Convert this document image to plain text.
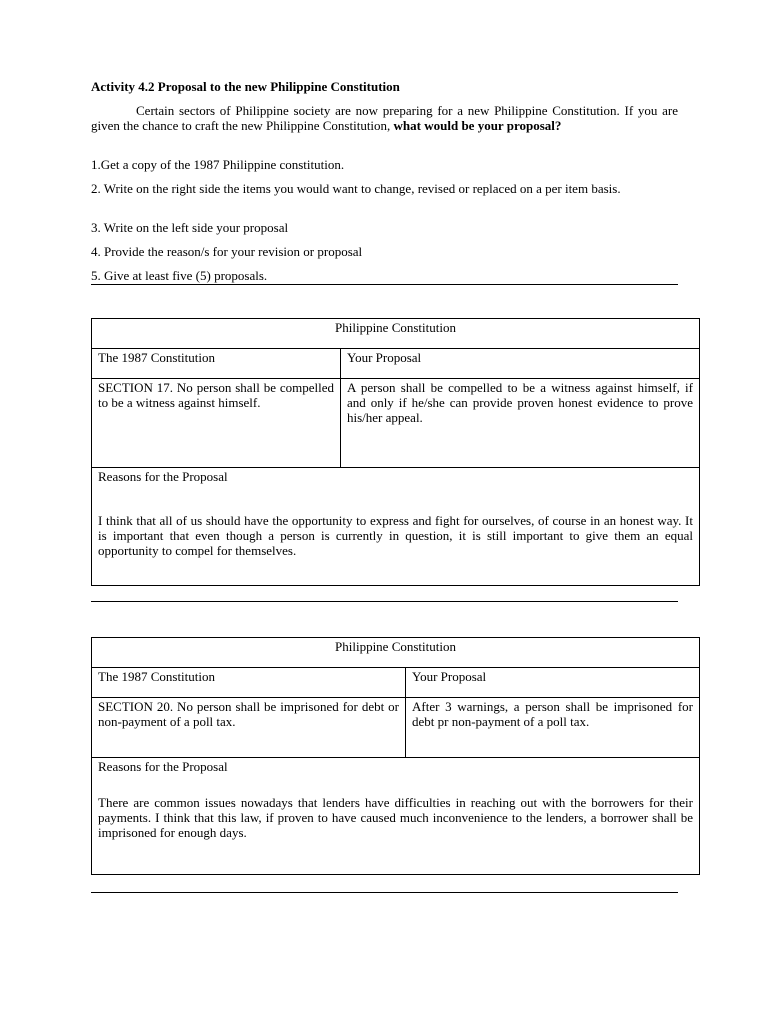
Activity 4.2 Proposal to the new Philippine Constitution
Certain sectors of Philippine society are now preparing for a new Philippine Constitution. If you are given the chance to craft the new Philippine Constitution, what would be your proposal?
1.Get a copy of the 1987 Philippine constitution.
2. Write on the right side the items you would want to change, revised or replaced on a per item basis.
3. Write on the left side your proposal
4. Provide the reason/s for your revision or proposal
5. Give at least five (5) proposals.
Philippine Constitution	
The 1987 Constitution	Your Proposal
SECTION 17. No person shall be compelled to be a witness against himself.	A person shall be compelled to be a witness against himself, if and only if he/she can provide proven honest evidence to prove his/her appeal.

Reasons for the Proposal
I think that all of us should have the opportunity to express and fight for ourselves, of course in an honest way. It is important that even though a person is currently in question, it is still important to give them an equal opportunity to compel for themselves.	
Philippine Constitution	
The 1987 Constitution	Your Proposal
SECTION 20. No person shall be imprisoned for debt or non-payment of a poll tax.	After 3 warnings, a person shall be imprisoned for debt pr non-payment of a poll tax.

Reasons for the Proposal
There are common issues nowadays that lenders have difficulties in reaching out with the borrowers for their payments. I think that this law, if proven to have caused much inconvenience to the lenders, a borrower shall be imprisoned for enough days.	
